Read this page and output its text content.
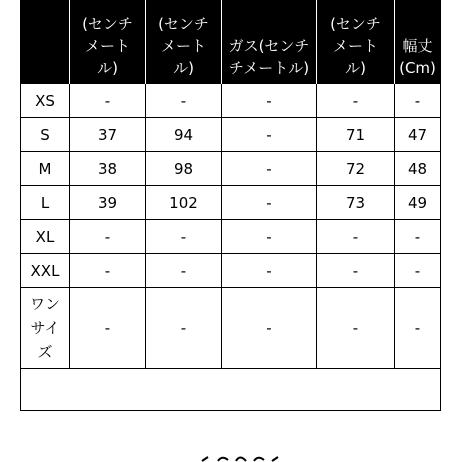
	(センチ
メート
ル)	(センチ
メート
ル)	ガス(センチ
チメートル)	(センチ
メート
ル)	幅丈
(Cm)
XS	-	-	-	-	-
S	37	94	-	71	47
M	38	98	-	72	48
L	39	102	-	73	49
XL	-	-	-	-	-
XXL	-	-	-	-	-
ワン
サイ
ズ	-	-	-	-	-
